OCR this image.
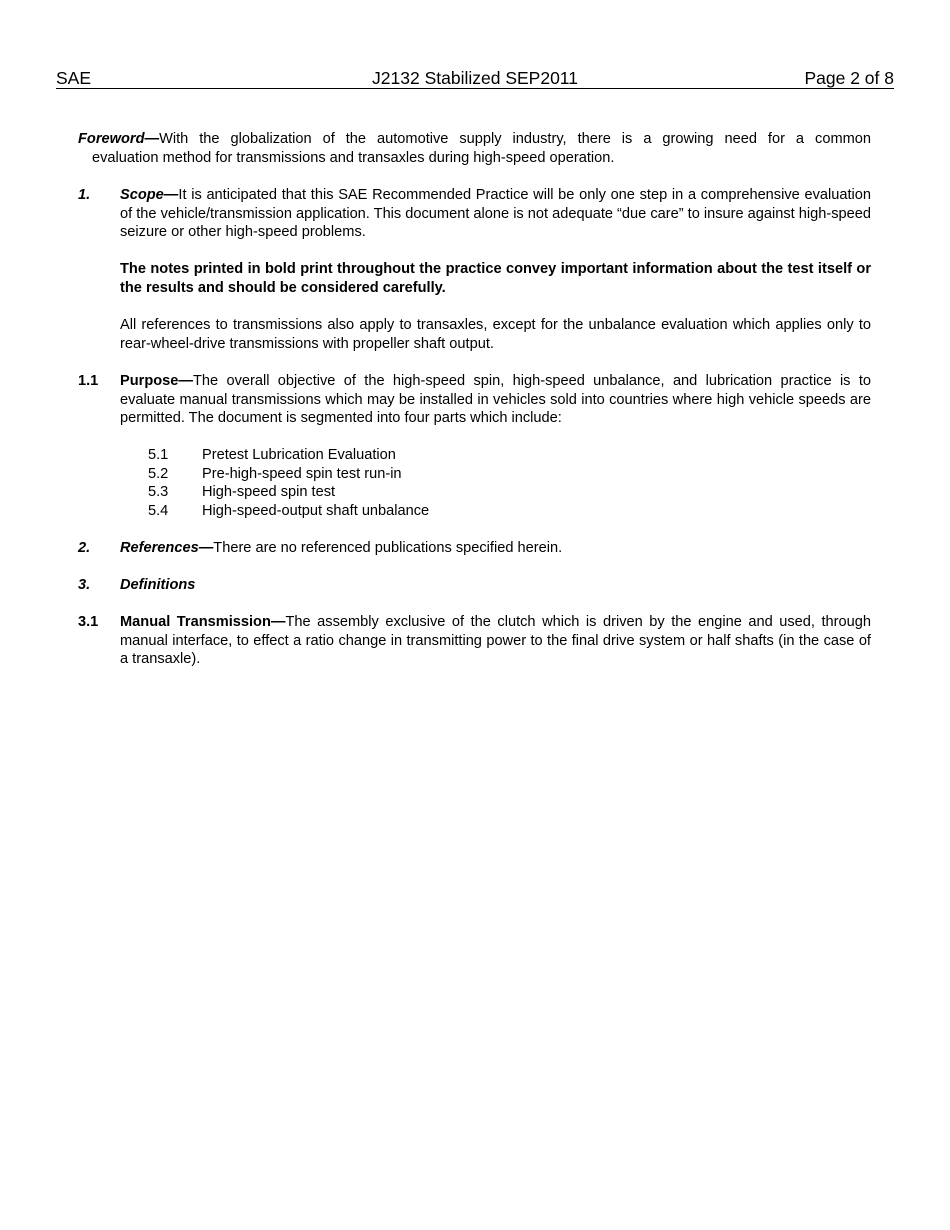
SAE	J2132 Stabilized SEP2011	Page 2 of 8
Foreword—With the globalization of the automotive supply industry, there is a growing need for a common
evaluation method for transmissions and transaxles during high-speed operation.
1. Scope—It is anticipated that this SAE Recommended Practice will be only one step in a comprehensive evaluation of the vehicle/transmission application. This document alone is not adequate “due care” to insure against high-speed seizure or other high-speed problems.
The notes printed in bold print throughout the practice convey important information about the test itself or the results and should be considered carefully.
All references to transmissions also apply to transaxles, except for the unbalance evaluation which applies only to rear-wheel-drive transmissions with propeller shaft output.
1.1 Purpose—The overall objective of the high-speed spin, high-speed unbalance, and lubrication practice is to evaluate manual transmissions which may be installed in vehicles sold into countries where high vehicle speeds are permitted. The document is segmented into four parts which include:
5.1 Pretest Lubrication Evaluation
5.2 Pre-high-speed spin test run-in
5.3 High-speed spin test
5.4 High-speed-output shaft unbalance
2. References—There are no referenced publications specified herein.
3. Definitions
3.1 Manual Transmission—The assembly exclusive of the clutch which is driven by the engine and used, through manual interface, to effect a ratio change in transmitting power to the final drive system or half shafts (in the case of a transaxle).
